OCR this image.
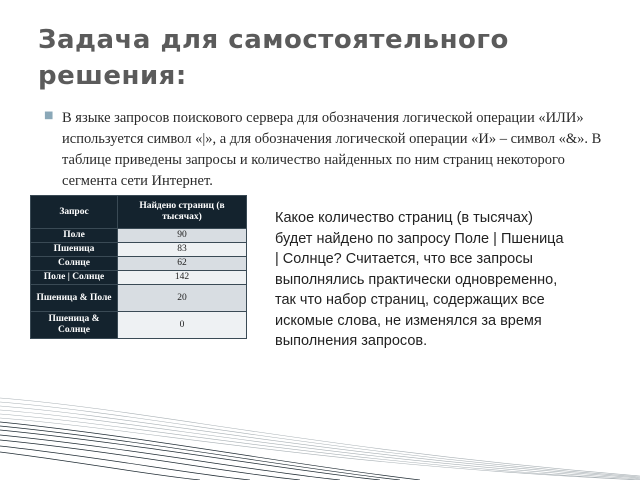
Задача для самостоятельного решения:
■ В языке запросов поискового сервера для обозначения логической операции «ИЛИ» используется символ «|», а для обозначения логической операции «И» – символ «&». В таблице приведены запросы и количество найденных по ним страниц некоторого сегмента сети Интернет.
Запрос	Найдено страниц (в тысячах)
Поле	90
Пшеница	83
Солнце	62
Поле | Солнце	142
Пшеница & Поле	20
Пшеница & Солнце	0

Какое количество страниц (в тысячах) будет найдено по запросу Поле | Пшеница | Солнце? Считается, что все запросы выполнялись практически одновременно, так что набор страниц, содержащих все искомые слова, не изменялся за время выполнения запросов.
